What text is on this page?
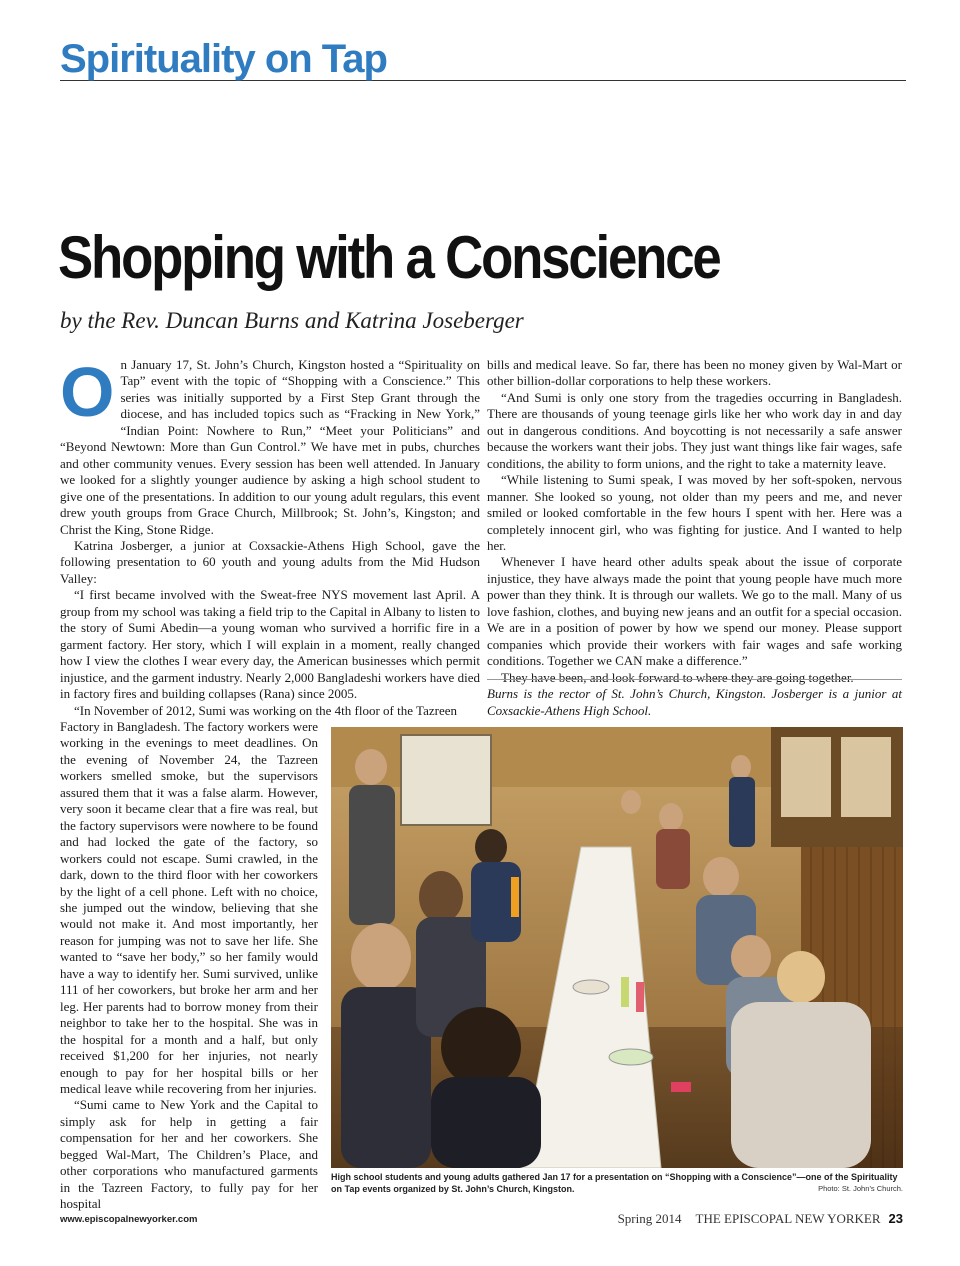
Spirituality on Tap
Shopping with a Conscience
by the Rev. Duncan Burns and Katrina Joseberger

On January 17, St. John’s Church, Kingston hosted a “Spirituality on Tap” event with the topic of “Shopping with a Conscience.” This series was initially supported by a First Step Grant through the diocese, and has included topics such as “Fracking in New York,” “Indian Point: Nowhere to Run,” “Meet your Politicians” and “Beyond Newtown: More than Gun Control.” We have met in pubs, churches and other community venues. Every session has been well attended. In January we looked for a slightly younger audience by asking a high school student to give one of the presentations. In addition to our young adult regulars, this event drew youth groups from Grace Church, Millbrook; St. John’s, Kingston; and Christ the King, Stone Ridge.

Katrina Josberger, a junior at Coxsackie-Athens High School, gave the following presentation to 60 youth and young adults from the Mid Hudson Valley:

“I first became involved with the Sweat-free NYS movement last April. A group from my school was taking a field trip to the Capital in Albany to listen to the story of Sumi Abedin—a young woman who survived a horrific fire in a garment factory. Her story, which I will explain in a moment, really changed how I view the clothes I wear every day, the American businesses which permit injustice, and the garment industry. Nearly 2,000 Bangladeshi workers have died in factory fires and building collapses (Rana) since 2005.

“In November of 2012, Sumi was working on the 4th floor of the Tazreen

Factory in Bangladesh. The factory workers were working in the evenings to meet deadlines. On the evening of November 24, the Tazreen workers smelled smoke, but the supervisors assured them that it was a false alarm. However, very soon it became clear that a fire was real, but the factory supervisors were nowhere to be found and had locked the gate of the factory, so workers could not escape. Sumi crawled, in the dark, down to the third floor with her coworkers by the light of a cell phone. Left with no choice, she jumped out the window, believing that she would not make it. And most importantly, her reason for jumping was not to save her life. She wanted to “save her body,” so her family would have a way to identify her. Sumi survived, unlike 111 of her coworkers, but broke her arm and her leg. Her parents had to borrow money from their neighbor to take her to the hospital. She was in the hospital for a month and a half, but only received $1,200 for her injuries, not nearly enough to pay for her hospital bills or her medical leave while recovering from her injuries.

“Sumi came to New York and the Capital to simply ask for help in getting a fair compensation for her and her coworkers. She begged Wal-Mart, The Children’s Place, and other corporations who manufactured garments in the Tazreen Factory, to fully pay for her hospital

bills and medical leave. So far, there has been no money given by Wal-Mart or other billion-dollar corporations to help these workers.

“And Sumi is only one story from the tragedies occurring in Bangladesh. There are thousands of young teenage girls like her who work day in and day out in dangerous conditions. And boycotting is not necessarily a safe answer because the workers want their jobs. They just want things like fair wages, safe conditions, the ability to form unions, and the right to take a maternity leave.

“While listening to Sumi speak, I was moved by her soft-spoken, nervous manner. She looked so young, not older than my peers and me, and never smiled or looked comfortable in the few hours I spent with her. Here was a completely innocent girl, who was fighting for justice. And I wanted to help her.

Whenever I have heard other adults speak about the issue of corporate injustice, they have always made the point that young people have much more power than they think. It is through our wallets. We go to the mall. Many of us love fashion, clothes, and buying new jeans and an outfit for a special occasion. We are in a position of power by how we spend our money. Please support companies which provide their workers with fair wages and safe working conditions. Together we CAN make a difference.”

They have been, and look forward to where they are going together.

Burns is the rector of St. John’s Church, Kingston. Josberger is a junior at Coxsackie-Athens High School.
High school students and young adults gathered Jan 17 for a presentation on “Shopping with a Conscience”—one of the Spirituality on Tap events organized by St. John’s Church, Kingston.	Photo: St. John’s Church.
www.episcopalnewyorker.com	Spring 2014 THE EPISCOPAL NEW YORKER 23
